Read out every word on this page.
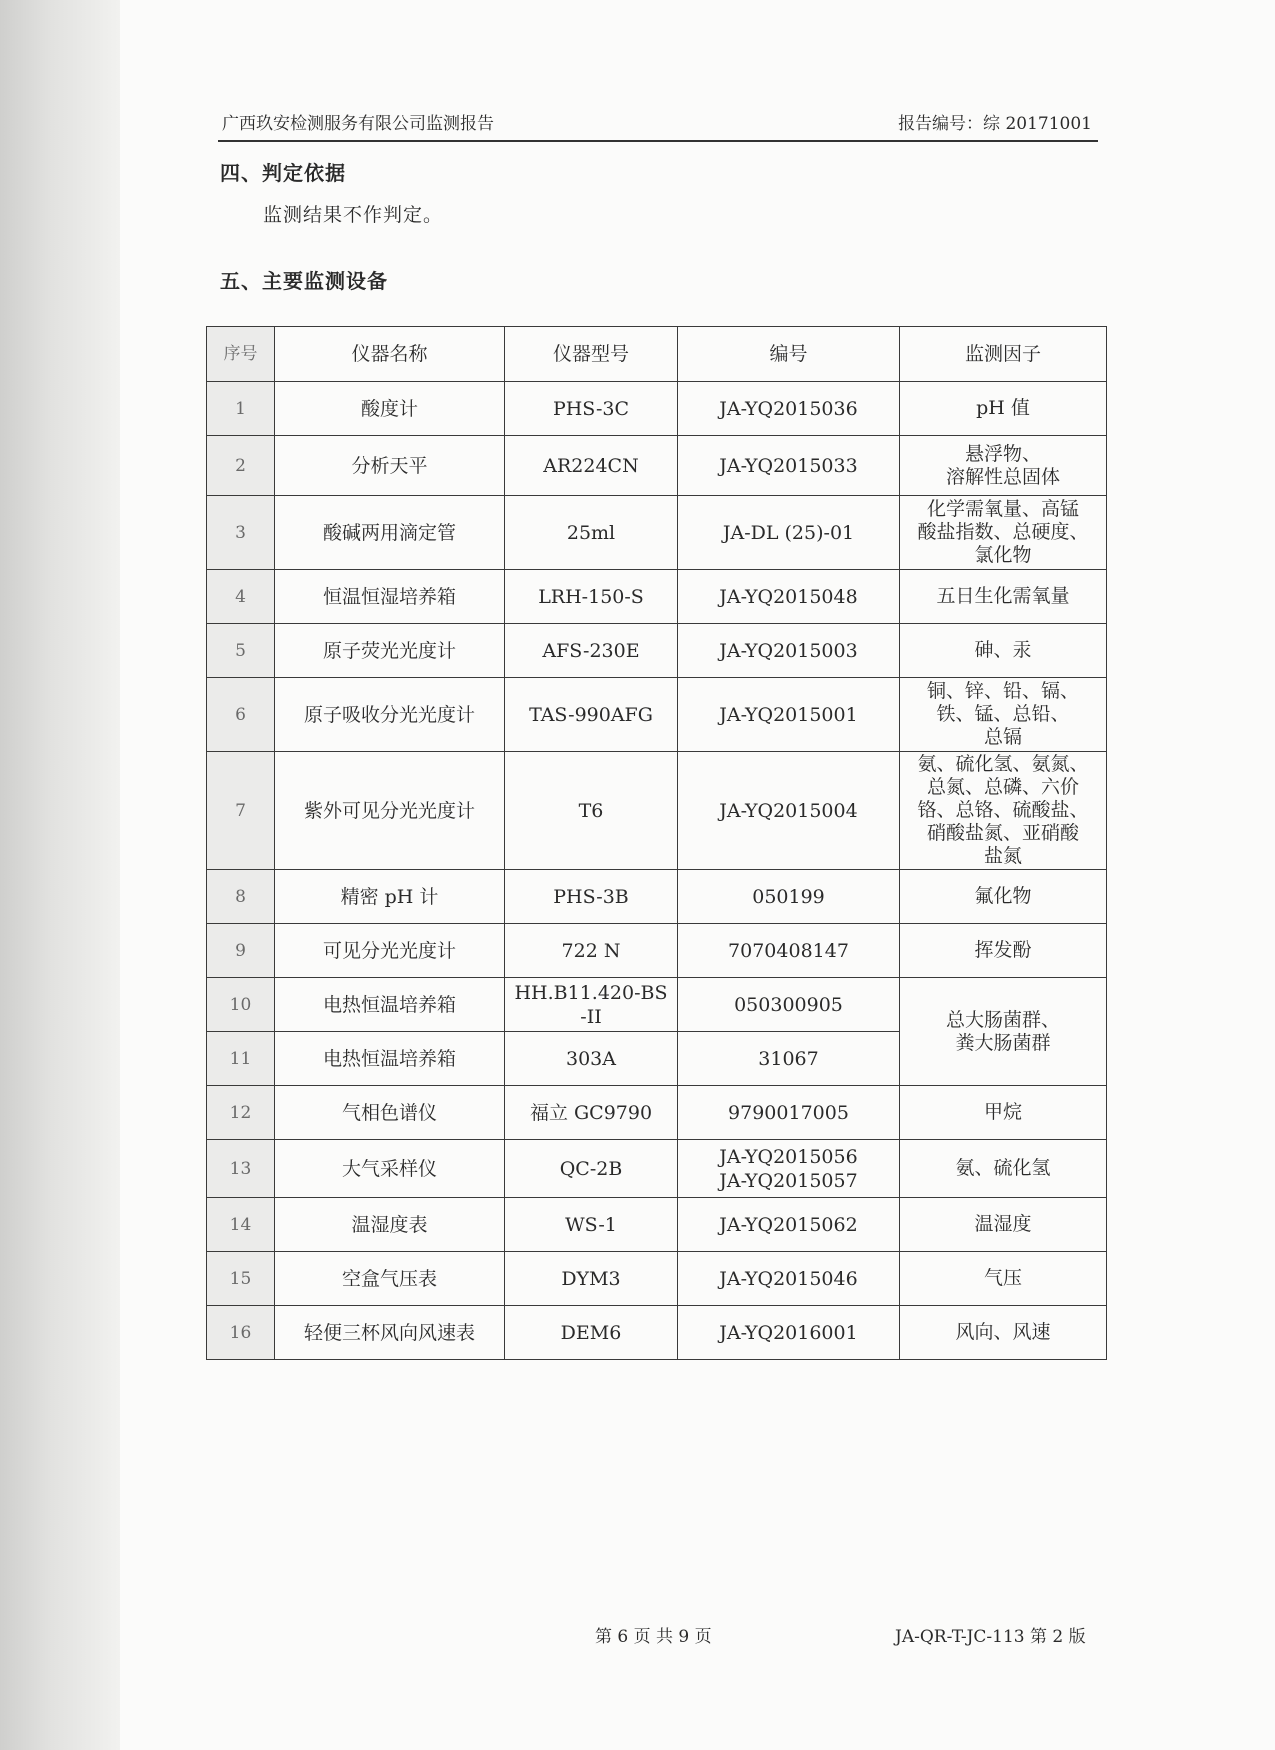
广西玖安检测服务有限公司监测报告	报告编号：综 20171001
四、判定依据
监测结果不作判定。
五、主要监测设备
序号	仪器名称	仪器型号	编号	监测因子
1	酸度计	PHS-3C	JA-YQ2015036	pH 值
2	分析天平	AR224CN	JA-YQ2015033	悬浮物、
溶解性总固体
3	酸碱两用滴定管	25ml	JA-DL (25)-01	化学需氧量、高锰
酸盐指数、总硬度、
氯化物
4	恒温恒湿培养箱	LRH-150-S	JA-YQ2015048	五日生化需氧量
5	原子荧光光度计	AFS-230E	JA-YQ2015003	砷、汞
6	原子吸收分光光度计	TAS-990AFG	JA-YQ2015001	铜、锌、铅、镉、
铁、锰、总铅、
总镉
7	紫外可见分光光度计	T6	JA-YQ2015004	氨、硫化氢、氨氮、
总氮、总磷、六价
铬、总铬、硫酸盐、
硝酸盐氮、亚硝酸
盐氮
8	精密 pH 计	PHS-3B	050199	氟化物
9	可见分光光度计	722 N	7070408147	挥发酚
10	电热恒温培养箱	HH.B11.420-BS
-II	050300905	总大肠菌群、
粪大肠菌群
11	电热恒温培养箱	303A	31067	
12	气相色谱仪	福立 GC9790	9790017005	甲烷
13	大气采样仪	QC-2B	JA-YQ2015056
JA-YQ2015057	氨、硫化氢
14	温湿度表	WS-1	JA-YQ2015062	温湿度
15	空盒气压表	DYM3	JA-YQ2015046	气压
16	轻便三杯风向风速表	DEM6	JA-YQ2016001	风向、风速
第 6 页 共 9 页	JA-QR-T-JC-113 第 2 版
